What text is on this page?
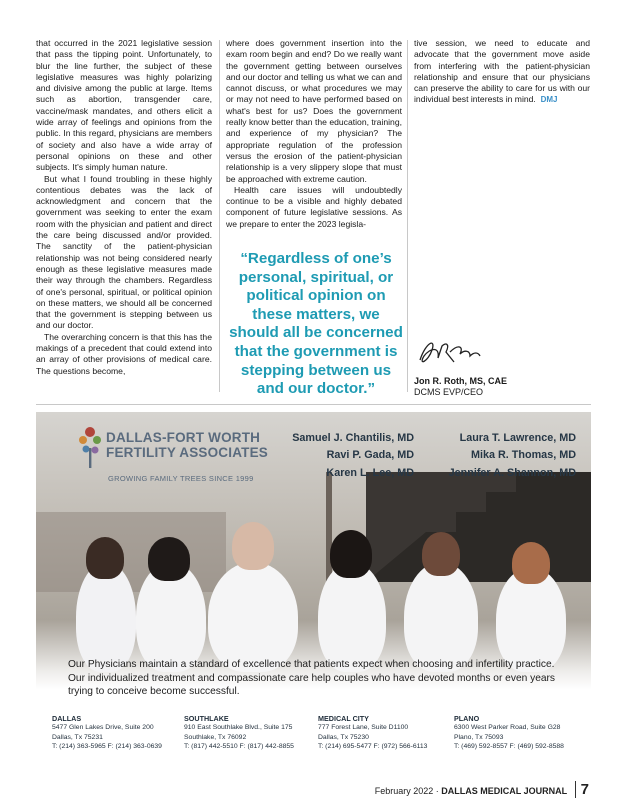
that occurred in the 2021 legislative session that pass the tipping point. Unfortunately, to blur the line further, the subject of these legislative measures was highly polarizing and divisive among the public at large. Items such as abortion, transgender care, vaccine/mask mandates, and others elicit a wide array of feelings and opinions from the public. In this regard, physicians are members of society and also have a wide array of personal opinions on these and other subjects. It's simply human nature.

But what I found troubling in these highly contentious debates was the lack of acknowledgment and concern that the government was seeking to enter the exam room with the physician and patient and direct the care being discussed and/or provided. The sanctity of the patient-physician relationship was not being considered nearly enough as these legislative measures made their way through the chambers. Regardless of one's personal, spiritual, or political opinion on these matters, we should all be concerned that the government is stepping between us and our doctor.

The overarching concern is that this has the makings of a precedent that could extend into an array of other provisions of medical care. The questions become,

where does government insertion into the exam room begin and end? Do we really want the government getting between ourselves and our doctor and telling us what we can and cannot discuss, or what procedures we may or may not need to have performed based on what's best for us? Does the government really know better than the education, training, and experience of my physician? The appropriate regulation of the profession versus the erosion of the patient-physician relationship is a very slippery slope that must be approached with extreme caution.

Health care issues will undoubtedly continue to be a visible and highly debated component of future legislative sessions. As we prepare to enter the 2023 legisla-

tive session, we need to educate and advocate that the government move aside from interfering with the patient-physician relationship and ensure that our physicians can preserve the ability to care for us with our individual best interests in mind. DMJ

“Regardless of one’s personal, spiritual, or political opinion on these matters, we should all be concerned that the government is stepping between us and our doctor.”	Jon R. Roth, MS, CAE
DCMS EVP/CEO
DALLAS-FORT WORTH
FERTILITY ASSOCIATES
GROWING FAMILY TREES SINCE 1999
Samuel J. Chantilis, MD
Ravi P. Gada, MD
Karen L. Lee, MD
Laura T. Lawrence, MD
Mika R. Thomas, MD
Jennifer A. Shannon, MD
Our Physicians maintain a standard of excellence that patients expect when choosing and infertility practice. Our individualized treatment and compassionate care help couples who have devoted months or even years trying to conceive become successful.
DALLAS
5477 Glen Lakes Drive, Suite 200
Dallas, Tx 75231
T: (214) 363-5965 F: (214) 363-0639
SOUTHLAKE
910 East Southlake Blvd., Suite 175
Southlake, Tx 76092
T: (817) 442-5510 F: (817) 442-8855
MEDICAL CITY
777 Forest Lane, Suite D1100
Dallas, Tx 75230
T: (214) 695-5477 F: (972) 566-6113
PLANO
6300 West Parker Road, Suite G28
Plano, Tx 75093
T: (469) 592-8557 F: (469) 592-8588
February 2022 · DALLAS MEDICAL JOURNAL 7
